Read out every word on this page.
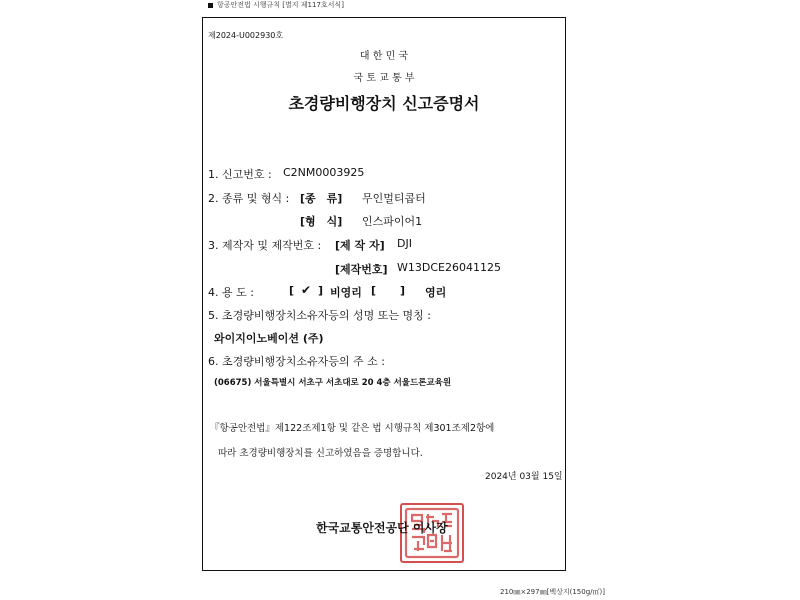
항공안전법 시행규칙 [별지 제117호서식]
제2024-U002930호
대 한 민 국
국 토 교 통 부
초경량비행장치 신고증명서
1. 신고번호 : C2NM0003925
2. 종류 및 형식 : [종　류] 무인멀티콥터
[형　식] 인스파이어1
3. 제작자 및 제작번호 : [제 작 자] DJI
[제작번호] W13DCE26041125
4. 용 도 :	[ ✔ ] 비영리 [ ] 영리
5. 초경량비행장치소유자등의 성명 또는 명칭 :
와이지이노베이션 (주)
6. 초경량비행장치소유자등의 주 소 :
(06675) 서울특별시 서초구 서초대로 20 4층 서울드론교육원
『항공안전법』제122조제1항 및 같은 법 시행규칙 제301조제2항에
따라 초경량비행장치를 신고하였음을 증명합니다.
2024년 03월 15일
한국교통안전공단 이사장
210㎜×297㎜[백상지(150g/㎡)]
